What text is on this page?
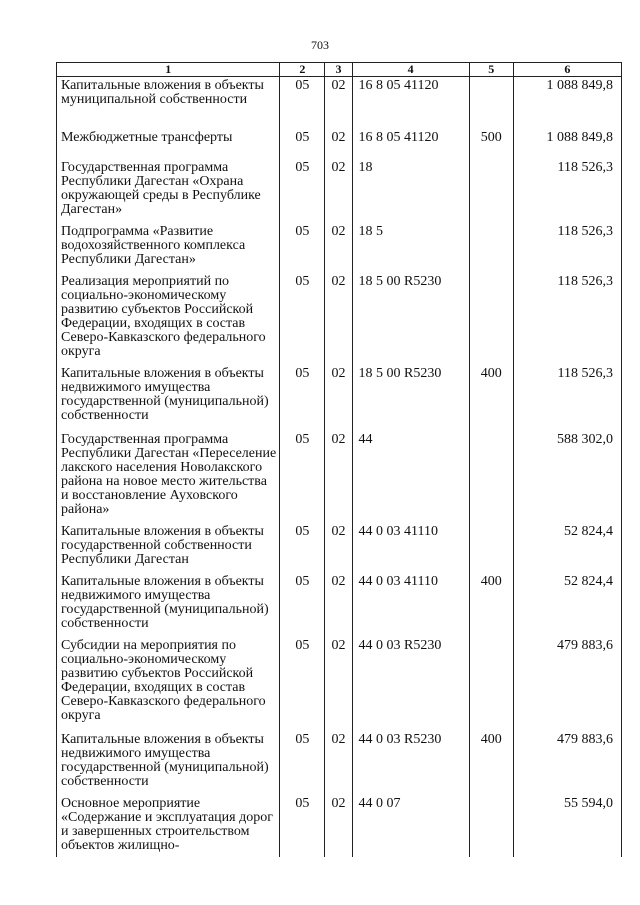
703
1	2	3	4	5	6
Капитальные вложения в объекты муниципальной собственности	05	02	16 8 05 41120		1 088 849,8
Межбюджетные трансферты	05	02	16 8 05 41120	500	1 088 849,8
Государственная программа Республики Дагестан «Охрана окружающей среды в Республике Дагестан»	05	02	18		118 526,3
Подпрограмма «Развитие водохозяйственного комплекса Республики Дагестан»	05	02	18 5		118 526,3
Реализация мероприятий по социально-экономическому развитию субъектов Российской Федерации, входящих в состав Северо-Кавказского федерального округа	05	02	18 5 00 R5230		118 526,3
Капитальные вложения в объекты недвижимого имущества государственной (муниципальной) собственности	05	02	18 5 00 R5230	400	118 526,3
Государственная программа Республики Дагестан «Переселение лакского населения Новолакского района на новое место жительства и восстановление Ауховского района»	05	02	44		588 302,0
Капитальные вложения в объекты государственной собственности Республики Дагестан	05	02	44 0 03 41110		52 824,4
Капитальные вложения в объекты недвижимого имущества государственной (муниципальной) собственности	05	02	44 0 03 41110	400	52 824,4
Субсидии на мероприятия по социально-экономическому развитию субъектов Российской Федерации, входящих в состав Северо-Кавказского федерального округа	05	02	44 0 03 R5230		479 883,6
Капитальные вложения в объекты недвижимого имущества государственной (муниципальной) собственности	05	02	44 0 03 R5230	400	479 883,6
Основное мероприятие «Содержание и эксплуатация дорог и завершенных строительством объектов жилищно-	05	02	44 0 07		55 594,0
